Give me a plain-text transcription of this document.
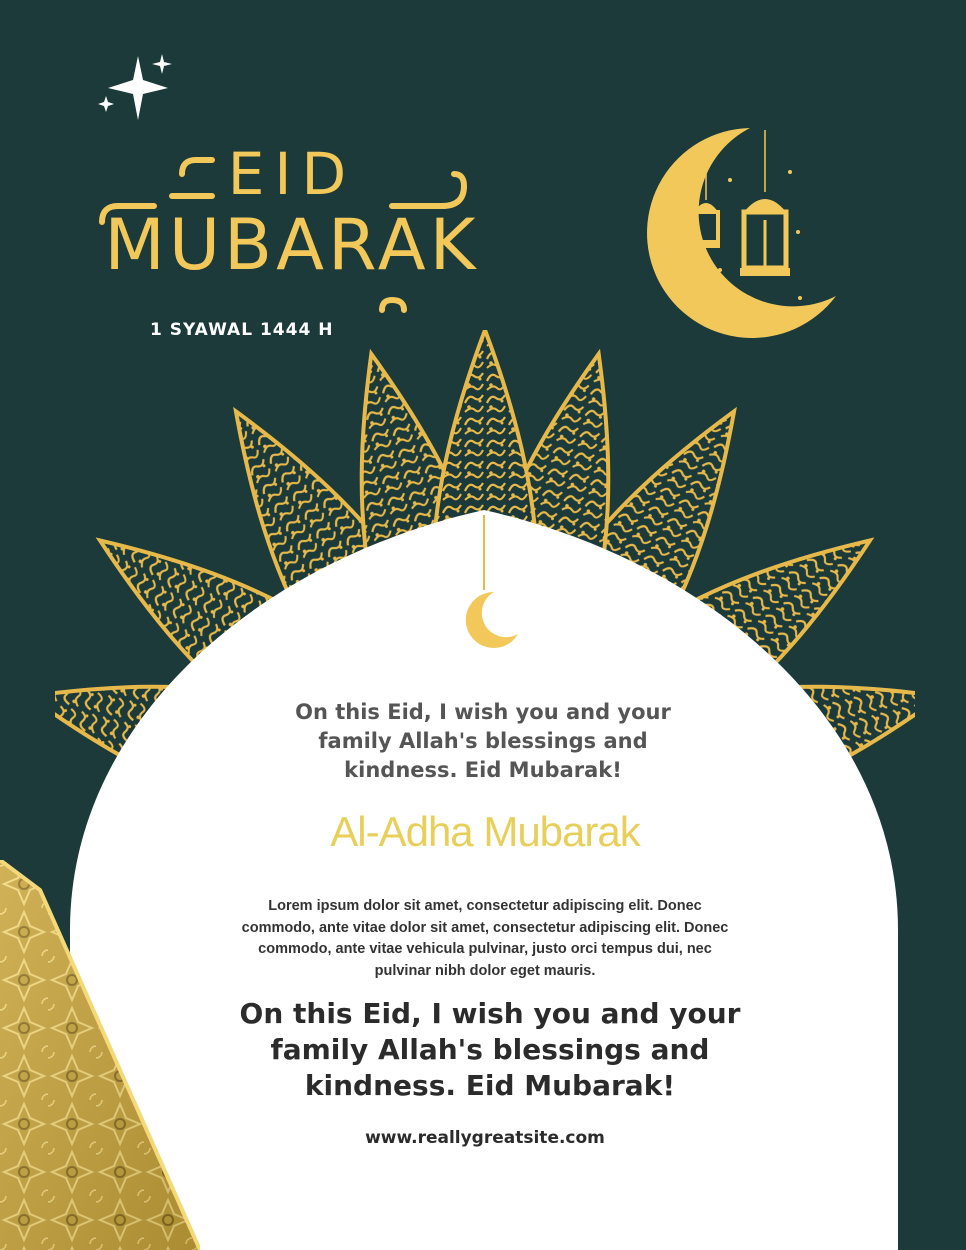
EID
MUBARAK
1 SYAWAL 1444 H
On this Eid, I wish you and your family Allah's blessings and kindness. Eid Mubarak!
Al-Adha Mubarak
Lorem ipsum dolor sit amet, consectetur adipiscing elit. Donec commodo, ante vitae dolor sit amet, consectetur adipiscing elit. Donec commodo, ante vitae vehicula pulvinar, justo orci tempus dui, nec pulvinar nibh dolor eget mauris.
On this Eid, I wish you and your family Allah's blessings and kindness. Eid Mubarak!
www.reallygreatsite.com
